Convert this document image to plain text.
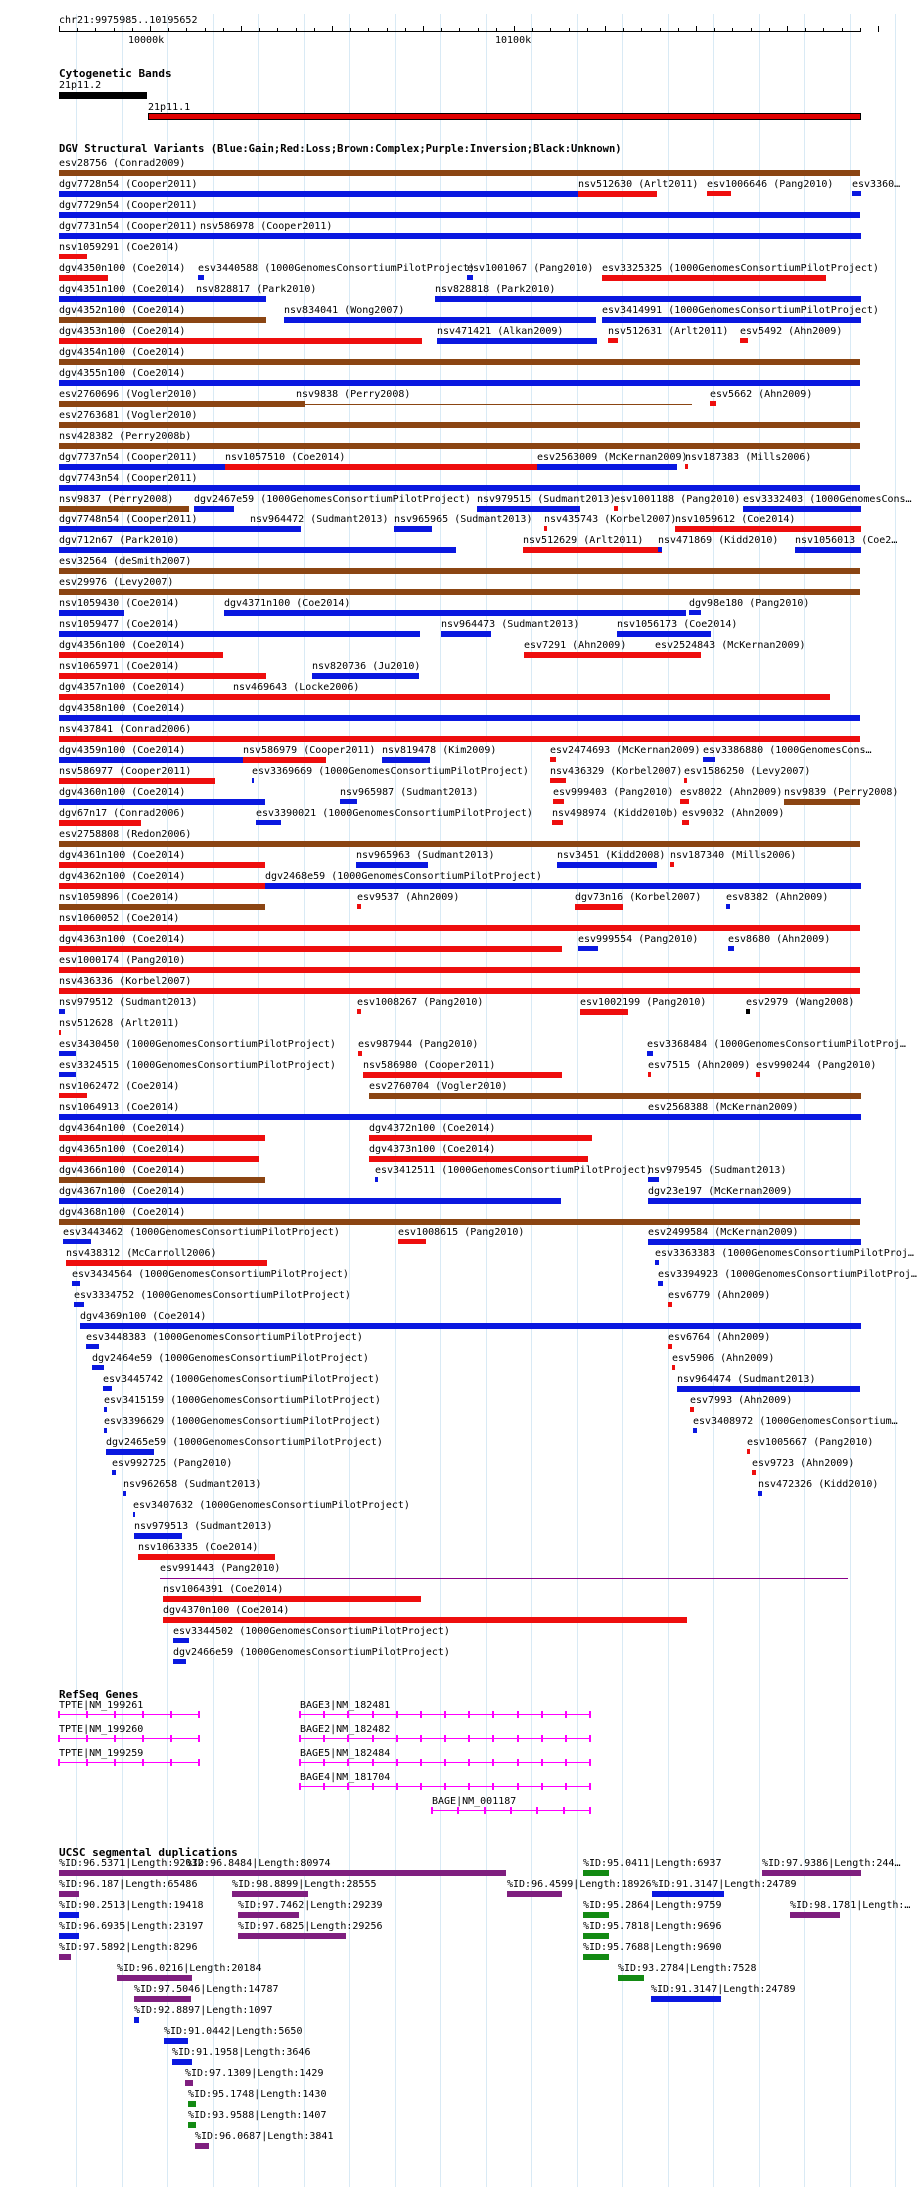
chr21:9975985..10195652
10000k	10100k
Cytogenetic Bands
21p11.2
21p11.1
DGV Structural Variants (Blue:Gain;Red:Loss;Brown:Complex;Purple:Inversion;Black:Unknown)
esv28756 (Conrad2009)
dgv7728n54 (Cooper2011)	nsv512630 (Arlt2011) esv1006646 (Pang2010) esv3360…
dgv7729n54 (Cooper2011)
dgv7731n54 (Cooper2011) nsv586978 (Cooper2011)
nsv1059291 (Coe2014)
dgv4350n100 (Coe2014) esv3440588 (1000GenomesConsortiumPilotProject)
esv1001067 (Pang2010) esv3325325 (1000GenomesConsortiumPilotProject)
dgv4351n100 (Coe2014) nsv828817 (Park2010)	nsv828818 (Park2010)
dgv4352n100 (Coe2014)	nsv834041 (Wong2007)	esv3414991 (1000GenomesConsortiumPilotProject)
dgv4353n100 (Coe2014)	nsv471421 (Alkan2009)	nsv512631 (Arlt2011) esv5492 (Ahn2009)
dgv4354n100 (Coe2014)
dgv4355n100 (Coe2014)
esv2760696 (Vogler2010)	nsv9838 (Perry2008)	esv5662 (Ahn2009)
esv2763681 (Vogler2010)
nsv428382 (Perry2008b)
dgv7737n54 (Cooper2011)	nsv1057510 (Coe2014)	esv2563009 (McKernan2009)
nsv187383 (Mills2006)
dgv7743n54 (Cooper2011)
nsv9837 (Perry2008) dgv2467e59 (1000GenomesConsortiumPilotProject) nsv979515 (Sudmant2013)
esv1001188 (Pang2010) esv3332403 (1000GenomesCons…
dgv7748n54 (Cooper2011)	nsv964472 (Sudmant2013) nsv965965 (Sudmant2013) nsv435743 (Korbel2007)
nsv1059612 (Coe2014)
dgv712n67 (Park2010)	nsv512629 (Arlt2011) nsv471869 (Kidd2010) nsv1056013 (Coe2…
esv32564 (deSmith2007)
esv29976 (Levy2007)
nsv1059430 (Coe2014)	dgv4371n100 (Coe2014)	dgv98e180 (Pang2010)
nsv1059477 (Coe2014)	nsv964473 (Sudmant2013)	nsv1056173 (Coe2014)
dgv4356n100 (Coe2014)	esv7291 (Ahn2009)	esv2524843 (McKernan2009)
nsv1065971 (Coe2014)	nsv820736 (Ju2010)
dgv4357n100 (Coe2014)	nsv469643 (Locke2006)
dgv4358n100 (Coe2014)
nsv437841 (Conrad2006)
dgv4359n100 (Coe2014)	nsv586979 (Cooper2011) nsv819478 (Kim2009)	esv2474693 (McKernan2009) esv3386880 (1000GenomesCons…
nsv586977 (Cooper2011)	esv3369669 (1000GenomesConsortiumPilotProject) nsv436329 (Korbel2007) esv1586250 (Levy2007)
dgv4360n100 (Coe2014)	nsv965987 (Sudmant2013)	esv999403 (Pang2010) esv8022 (Ahn2009) nsv9839 (Perry2008)
dgv67n17 (Conrad2006)	esv3390021 (1000GenomesConsortiumPilotProject) nsv498974 (Kidd2010b) esv9032 (Ahn2009)
esv2758808 (Redon2006)
dgv4361n100 (Coe2014)	nsv965963 (Sudmant2013)	nsv3451 (Kidd2008) nsv187340 (Mills2006)
dgv4362n100 (Coe2014)	dgv2468e59 (1000GenomesConsortiumPilotProject)
nsv1059896 (Coe2014)	esv9537 (Ahn2009)	dgv73n16 (Korbel2007) esv8382 (Ahn2009)
nsv1060052 (Coe2014)
dgv4363n100 (Coe2014)	esv999554 (Pang2010)	esv8680 (Ahn2009)
esv1000174 (Pang2010)
nsv436336 (Korbel2007)
nsv979512 (Sudmant2013)	esv1008267 (Pang2010)	esv1002199 (Pang2010)	esv2979 (Wang2008)
nsv512628 (Arlt2011)
esv3430450 (1000GenomesConsortiumPilotProject) esv987944 (Pang2010)	esv3368484 (1000GenomesConsortiumPilotProj…
esv3324515 (1000GenomesConsortiumPilotProject)	nsv586980 (Cooper2011)	esv7515 (Ahn2009) esv990244 (Pang2010)
nsv1062472 (Coe2014)	esv2760704 (Vogler2010)
nsv1064913 (Coe2014)	esv2568388 (McKernan2009)
dgv4364n100 (Coe2014)	dgv4372n100 (Coe2014)
dgv4365n100 (Coe2014)	dgv4373n100 (Coe2014)
dgv4366n100 (Coe2014)	esv3412511 (1000GenomesConsortiumPilotProject)
nsv979545 (Sudmant2013)
dgv4367n100 (Coe2014)	dgv23e197 (McKernan2009)
dgv4368n100 (Coe2014)
esv3443462 (1000GenomesConsortiumPilotProject)	esv1008615 (Pang2010)	esv2499584 (McKernan2009)
nsv438312 (McCarroll2006)	esv3363383 (1000GenomesConsortiumPilotProj…
esv3434564 (1000GenomesConsortiumPilotProject)	esv3394923 (1000GenomesConsortiumPilotProj…
esv3334752 (1000GenomesConsortiumPilotProject)	esv6779 (Ahn2009)
dgv4369n100 (Coe2014)
esv3448383 (1000GenomesConsortiumPilotProject)	esv6764 (Ahn2009)
dgv2464e59 (1000GenomesConsortiumPilotProject)	esv5906 (Ahn2009)
esv3445742 (1000GenomesConsortiumPilotProject)	nsv964474 (Sudmant2013)
esv3415159 (1000GenomesConsortiumPilotProject)	esv7993 (Ahn2009)
esv3396629 (1000GenomesConsortiumPilotProject)	esv3408972 (1000GenomesConsortium…
dgv2465e59 (1000GenomesConsortiumPilotProject)	esv1005667 (Pang2010)
esv992725 (Pang2010)	esv9723 (Ahn2009)
nsv962658 (Sudmant2013)	nsv472326 (Kidd2010)
esv3407632 (1000GenomesConsortiumPilotProject)
nsv979513 (Sudmant2013)
nsv1063335 (Coe2014)
esv991443 (Pang2010)
nsv1064391 (Coe2014)
dgv4370n100 (Coe2014)
esv3344502 (1000GenomesConsortiumPilotProject)
dgv2466e59 (1000GenomesConsortiumPilotProject)
RefSeq Genes
TPTE|NM_199261
TPTE|NM_199260
TPTE|NM_199259
BAGE3|NM_182481
BAGE2|NM_182482
BAGE5|NM_182484
BAGE4|NM_181704
BAGE|NM_001187
UCSC segmental duplications
%ID:96.5371|Length:92032
%ID:96.8484|Length:80974	%ID:95.0411|Length:6937	%ID:97.9386|Length:244…
%ID:96.187|Length:65486	%ID:98.8899|Length:28555	%ID:96.4599|Length:18926 %ID:91.3147|Length:24789
%ID:90.2513|Length:19418	%ID:97.7462|Length:29239	%ID:95.2864|Length:9759	%ID:98.1781|Length:…
%ID:96.6935|Length:23197	%ID:97.6825|Length:29256	%ID:95.7818|Length:9696
%ID:97.5892|Length:8296	%ID:95.7688|Length:9690
%ID:96.0216|Length:20184	%ID:93.2784|Length:7528
%ID:97.5046|Length:14787	%ID:91.3147|Length:24789
%ID:92.8897|Length:1097
%ID:91.0442|Length:5650
%ID:91.1958|Length:3646
%ID:97.1309|Length:1429
%ID:95.1748|Length:1430
%ID:93.9588|Length:1407
%ID:96.0687|Length:3841
